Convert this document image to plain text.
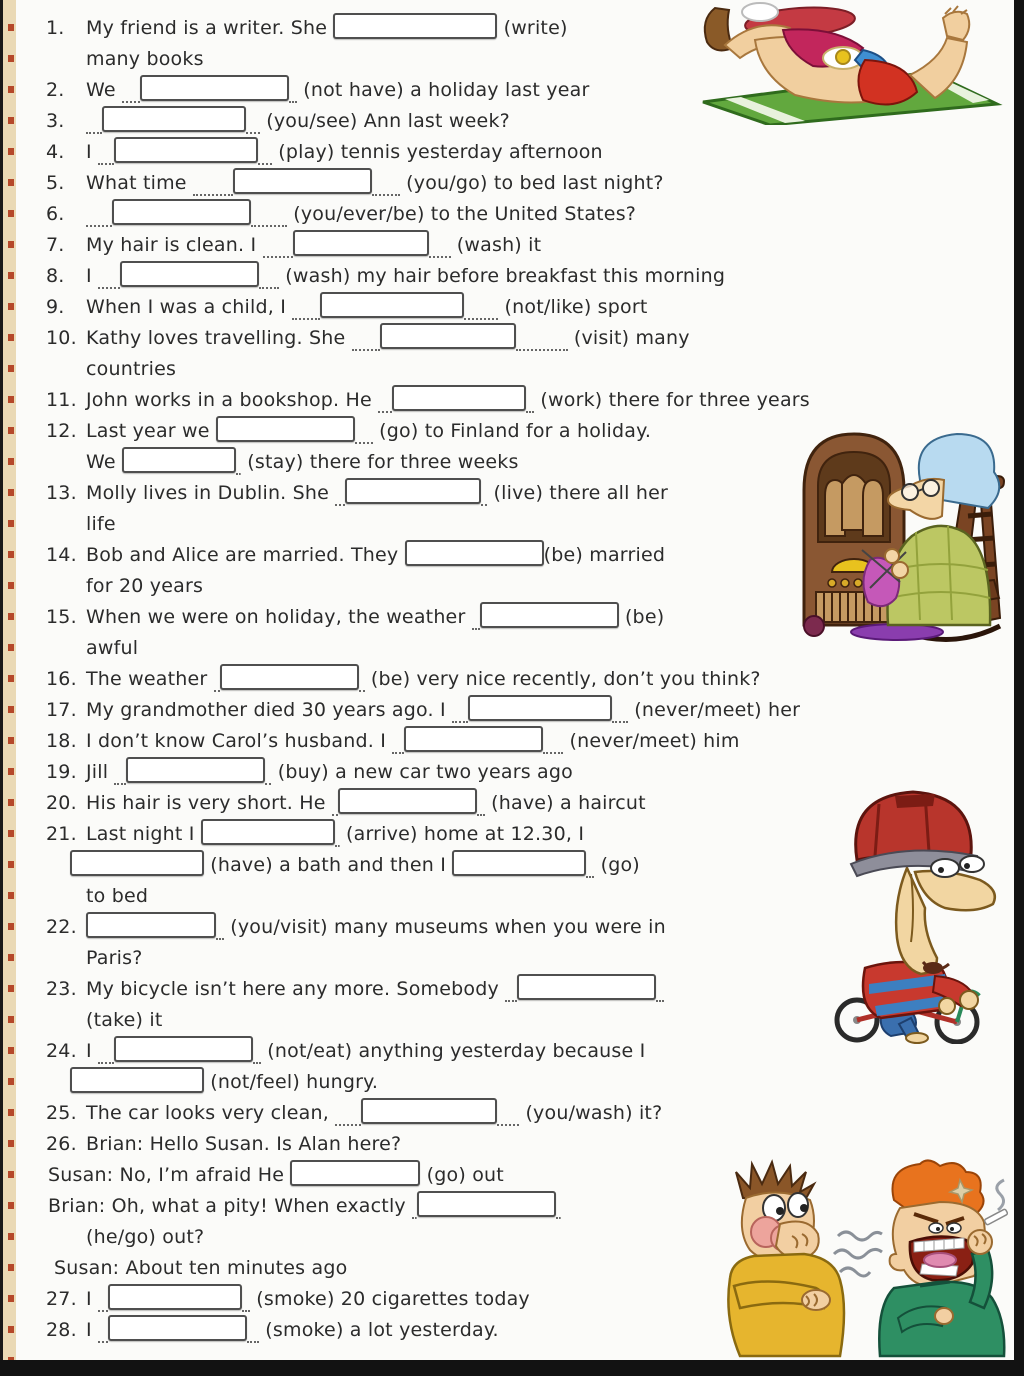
1.	My friend is a writer. She	(write)
many books
2.	We	(not have) a holiday last year
3.	(you/see) Ann last week?
4.	I	(play) tennis yesterday afternoon
5.	What time	(you/go) to bed last night?
6.	(you/ever/be) to the United States?
7.	My hair is clean. I	(wash) it
8.	I	(wash) my hair before breakfast this morning
9.	When I was a child, I	(not/like) sport
10. Kathy loves travelling. She	(visit) many
countries
11. John works in a bookshop. He	(work) there for three years
12. Last year we	(go) to Finland for a holiday.
We	(stay) there for three weeks
13. Molly lives in Dublin. She	(live) there all her
life
14. Bob and Alice are married. They	(be) married
for 20 years
15. When we were on holiday, the weather	(be)
awful
16. The weather	(be) very nice recently, don’t you think?
17. My grandmother died 30 years ago. I	(never/meet) her
18. I don’t know Carol’s husband. I	(never/meet) him
19. Jill	(buy) a new car two years ago
20. His hair is very short. He	(have) a haircut
21. Last night I	(arrive) home at 12.30, I
(have) a bath and then I	(go)
to bed
22.	(you/visit) many museums when you were in
Paris?
23. My bicycle isn’t here any more. Somebody
(take) it
24. I	(not/eat) anything yesterday because I
(not/feel) hungry.
25. The car looks very clean,	(you/wash) it?
26. Brian: Hello Susan. Is Alan here?
Susan: No, I’m afraid He	(go) out
Brian: Oh, what a pity! When exactly
(he/go) out?
Susan: About ten minutes ago
27. I	(smoke) 20 cigarettes today
28. I	(smoke) a lot yesterday.
